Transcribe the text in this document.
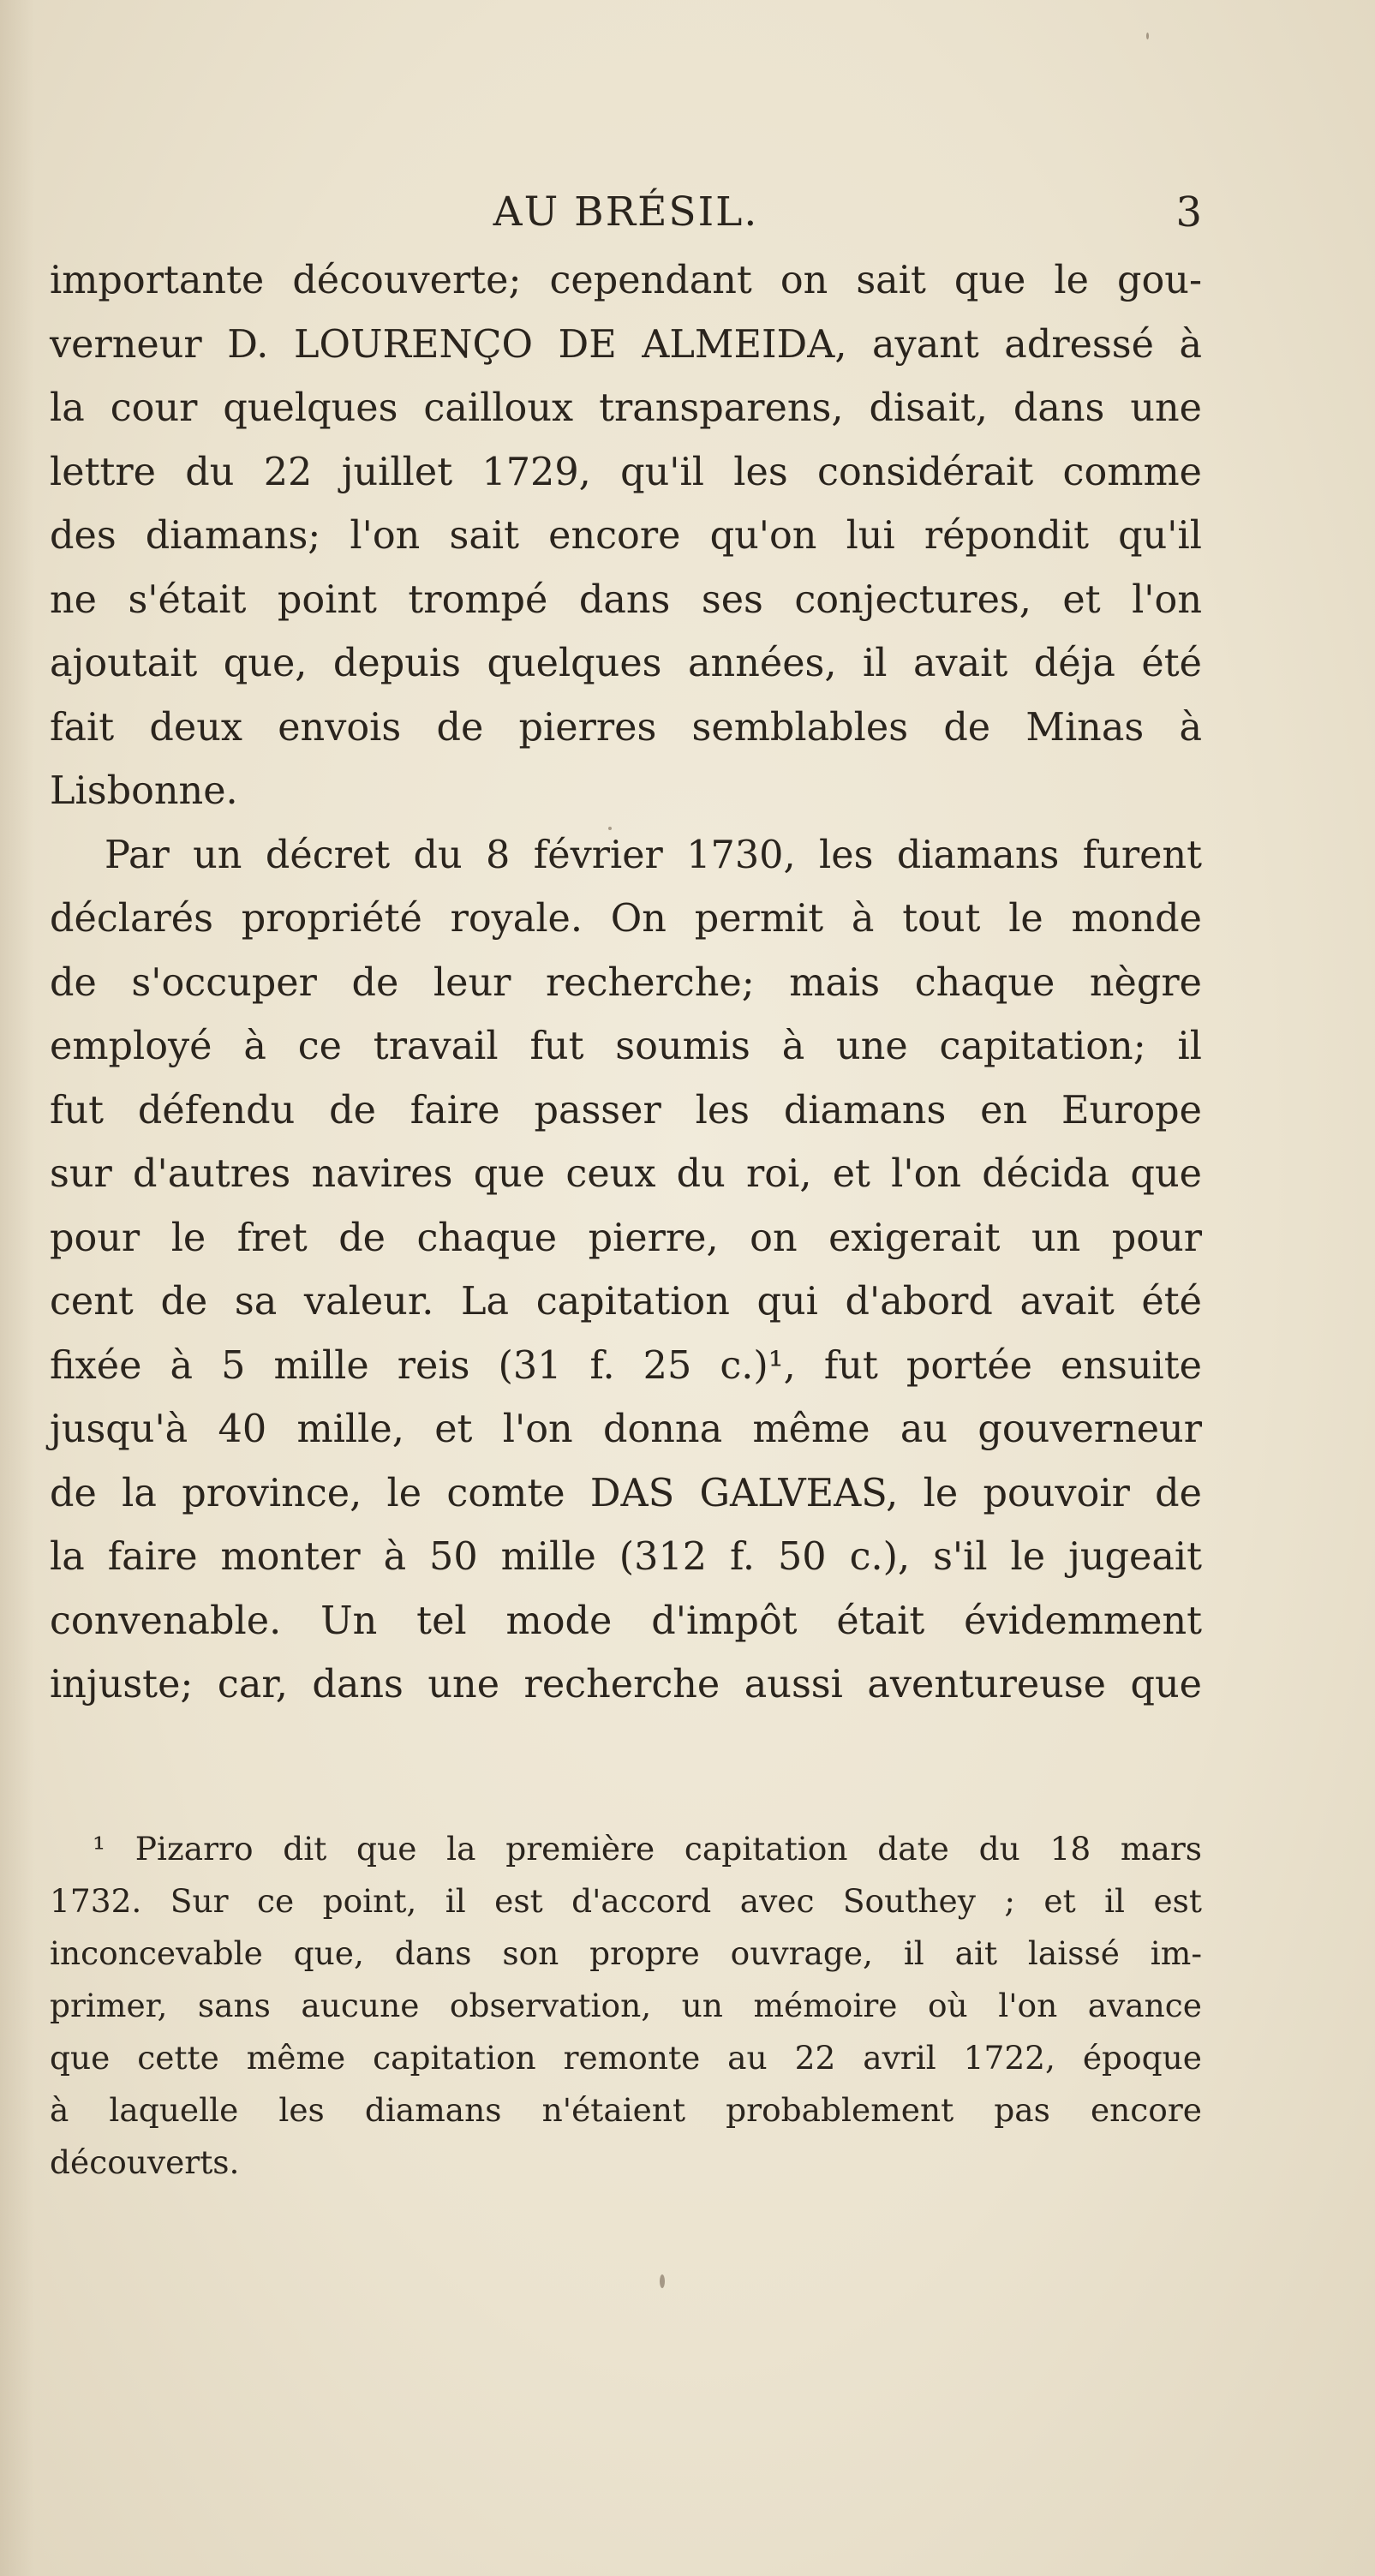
AU BRÉSIL.	3
importante découverte; cependant on sait que le gou-
verneur D. LOURENÇO DE ALMEIDA, ayant adressé à
la cour quelques cailloux transparens, disait, dans une
lettre du 22 juillet 1729, qu'il les considérait comme
des diamans; l'on sait encore qu'on lui répondit qu'il
ne s'était point trompé dans ses conjectures, et l'on
ajoutait que, depuis quelques années, il avait déja été
fait deux envois de pierres semblables de Minas à
Lisbonne.
Par un décret du 8 février 1730, les diamans furent
déclarés propriété royale. On permit à tout le monde
de s'occuper de leur recherche; mais chaque nègre
employé à ce travail fut soumis à une capitation; il
fut défendu de faire passer les diamans en Europe
sur d'autres navires que ceux du roi, et l'on décida que
pour le fret de chaque pierre, on exigerait un pour
cent de sa valeur. La capitation qui d'abord avait été
fixée à 5 mille reis (31 f. 25 c.)¹, fut portée ensuite
jusqu'à 40 mille, et l'on donna même au gouverneur
de la province, le comte DAS GALVEAS, le pouvoir de
la faire monter à 50 mille (312 f. 50 c.), s'il le jugeait
convenable. Un tel mode d'impôt était évidemment
injuste; car, dans une recherche aussi aventureuse que
¹ Pizarro dit que la première capitation date du 18 mars
1732. Sur ce point, il est d'accord avec Southey ; et il est
inconcevable que, dans son propre ouvrage, il ait laissé im-
primer, sans aucune observation, un mémoire où l'on avance
que cette même capitation remonte au 22 avril 1722, époque
à laquelle les diamans n'étaient probablement pas encore
découverts.
